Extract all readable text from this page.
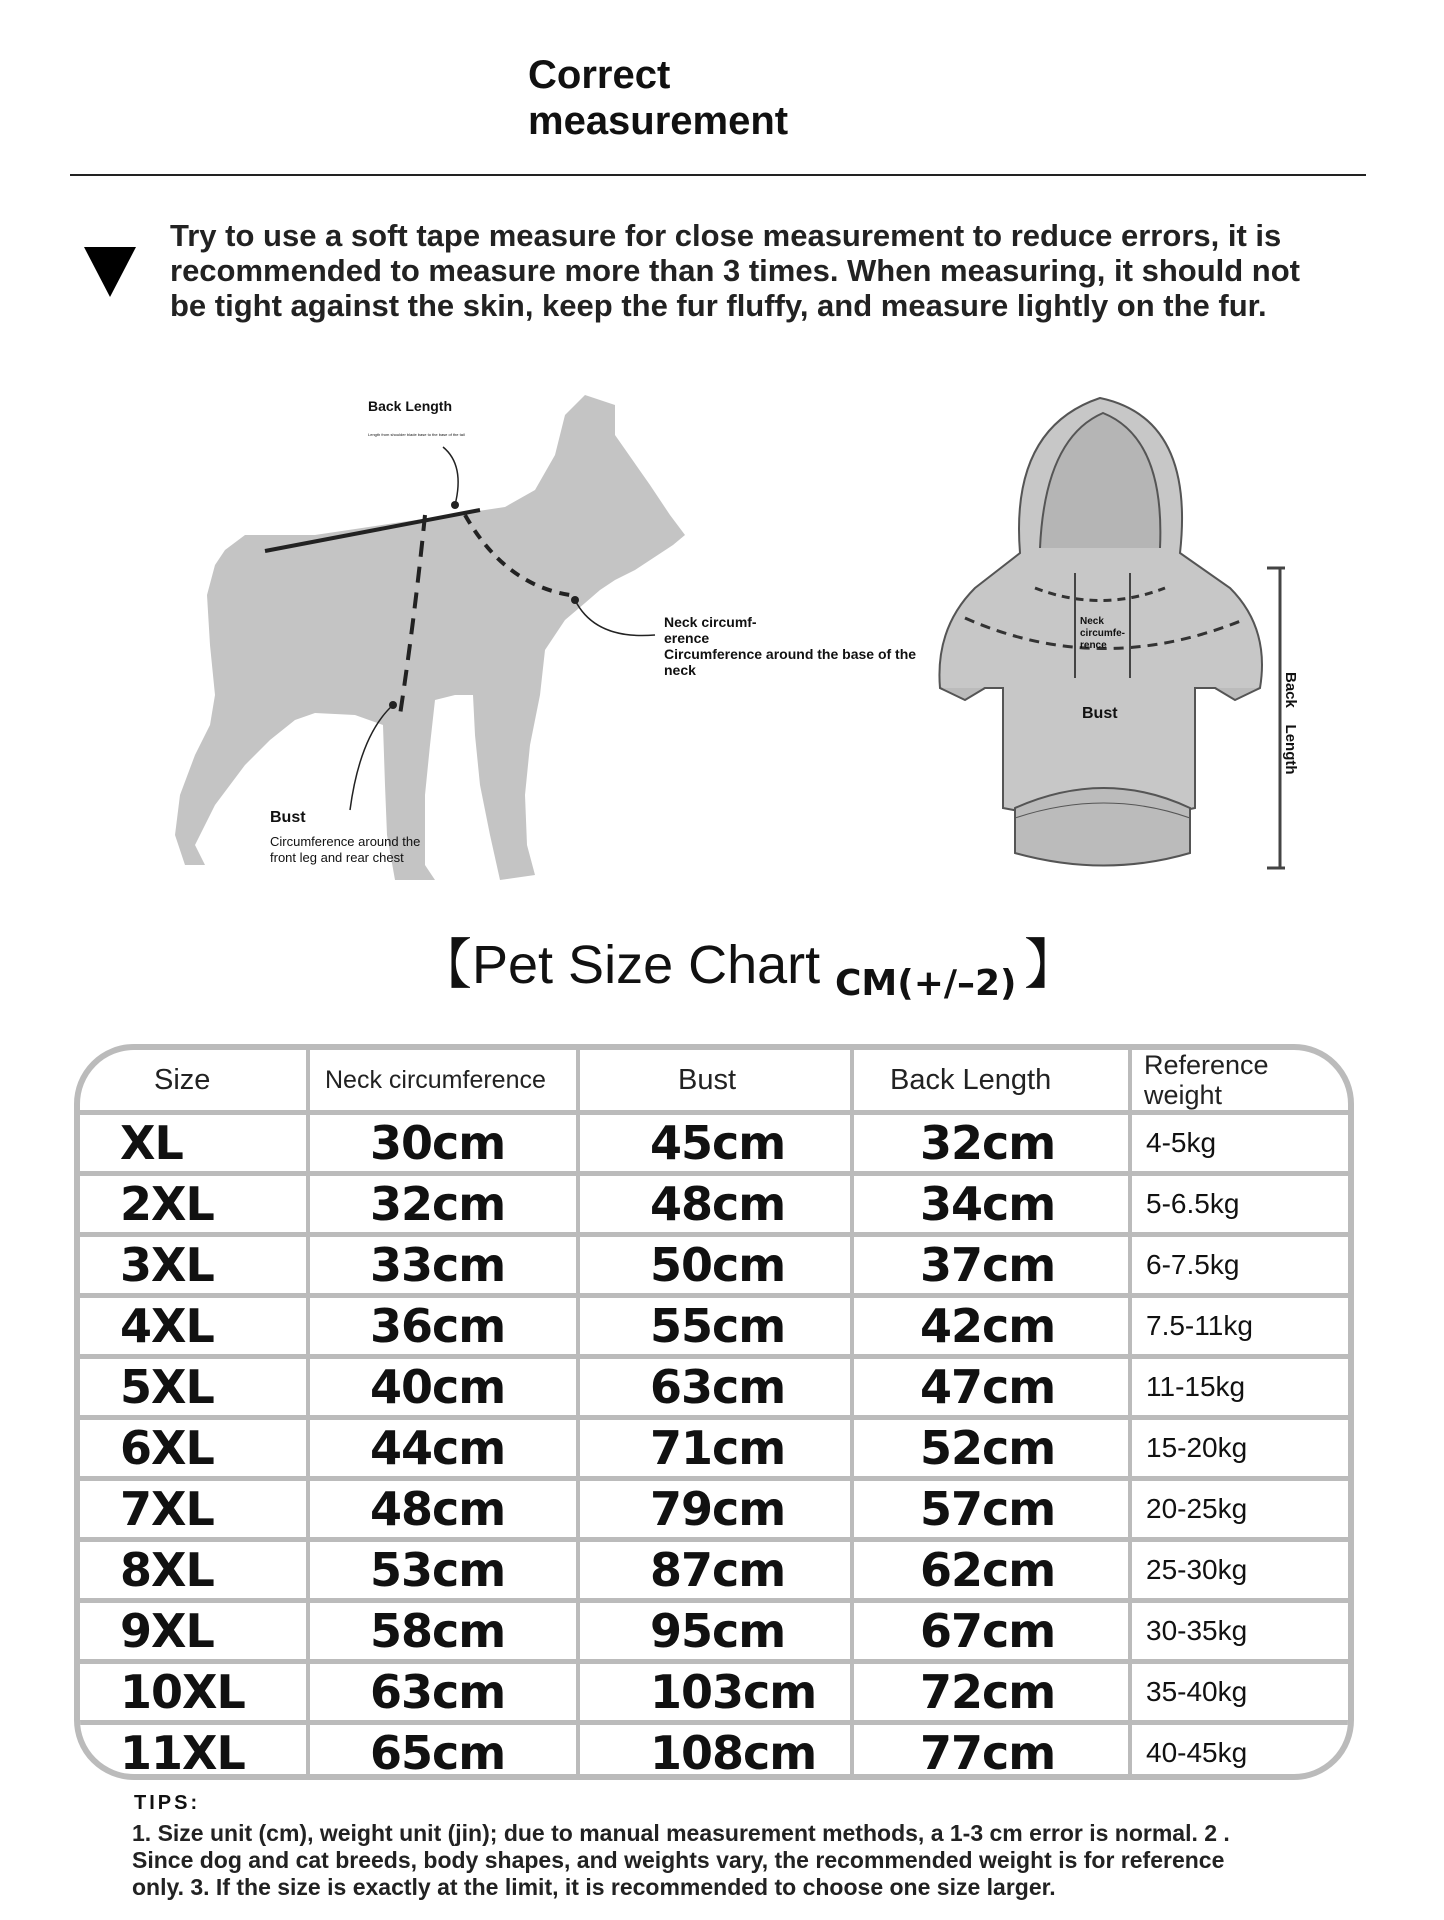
Correct
measurement
Try to use a soft tape measure for close measurement to reduce errors, it is recommended to measure more than 3 times. When measuring, it should not be tight against the skin, keep the fur fluffy, and measure lightly on the fur.
Back Length
Length from shoulder blade base to the base of the tail
Neck circumf-
erence
Circumference around the base of the
neck
Bust
Circumference around the
front leg and rear chest
Neck
circumfe-
rence
Bust	Back    Length
【Pet Size Chart CM(+/–2) 】
Size	Neck circumference	Bust	Back Length	Reference
weight
XL	30cm	45cm	32cm	4-5kg
2XL	32cm	48cm	34cm	5-6.5kg
3XL	33cm	50cm	37cm	6-7.5kg
4XL	36cm	55cm	42cm	7.5-11kg
5XL	40cm	63cm	47cm	11-15kg
6XL	44cm	71cm	52cm	15-20kg
7XL	48cm	79cm	57cm	20-25kg
8XL	53cm	87cm	62cm	25-30kg
9XL	58cm	95cm	67cm	30-35kg
10XL	63cm	103cm 72cm	35-40kg
11XL	65cm	108cm 77cm	40-45kg
TIPS:
1. Size unit (cm), weight unit (jin); due to manual measurement methods, a 1-3 cm error is normal. 2 . Since dog and cat breeds, body shapes, and weights vary, the recommended weight is for reference only. 3. If the size is exactly at the limit, it is recommended to choose one size larger.
